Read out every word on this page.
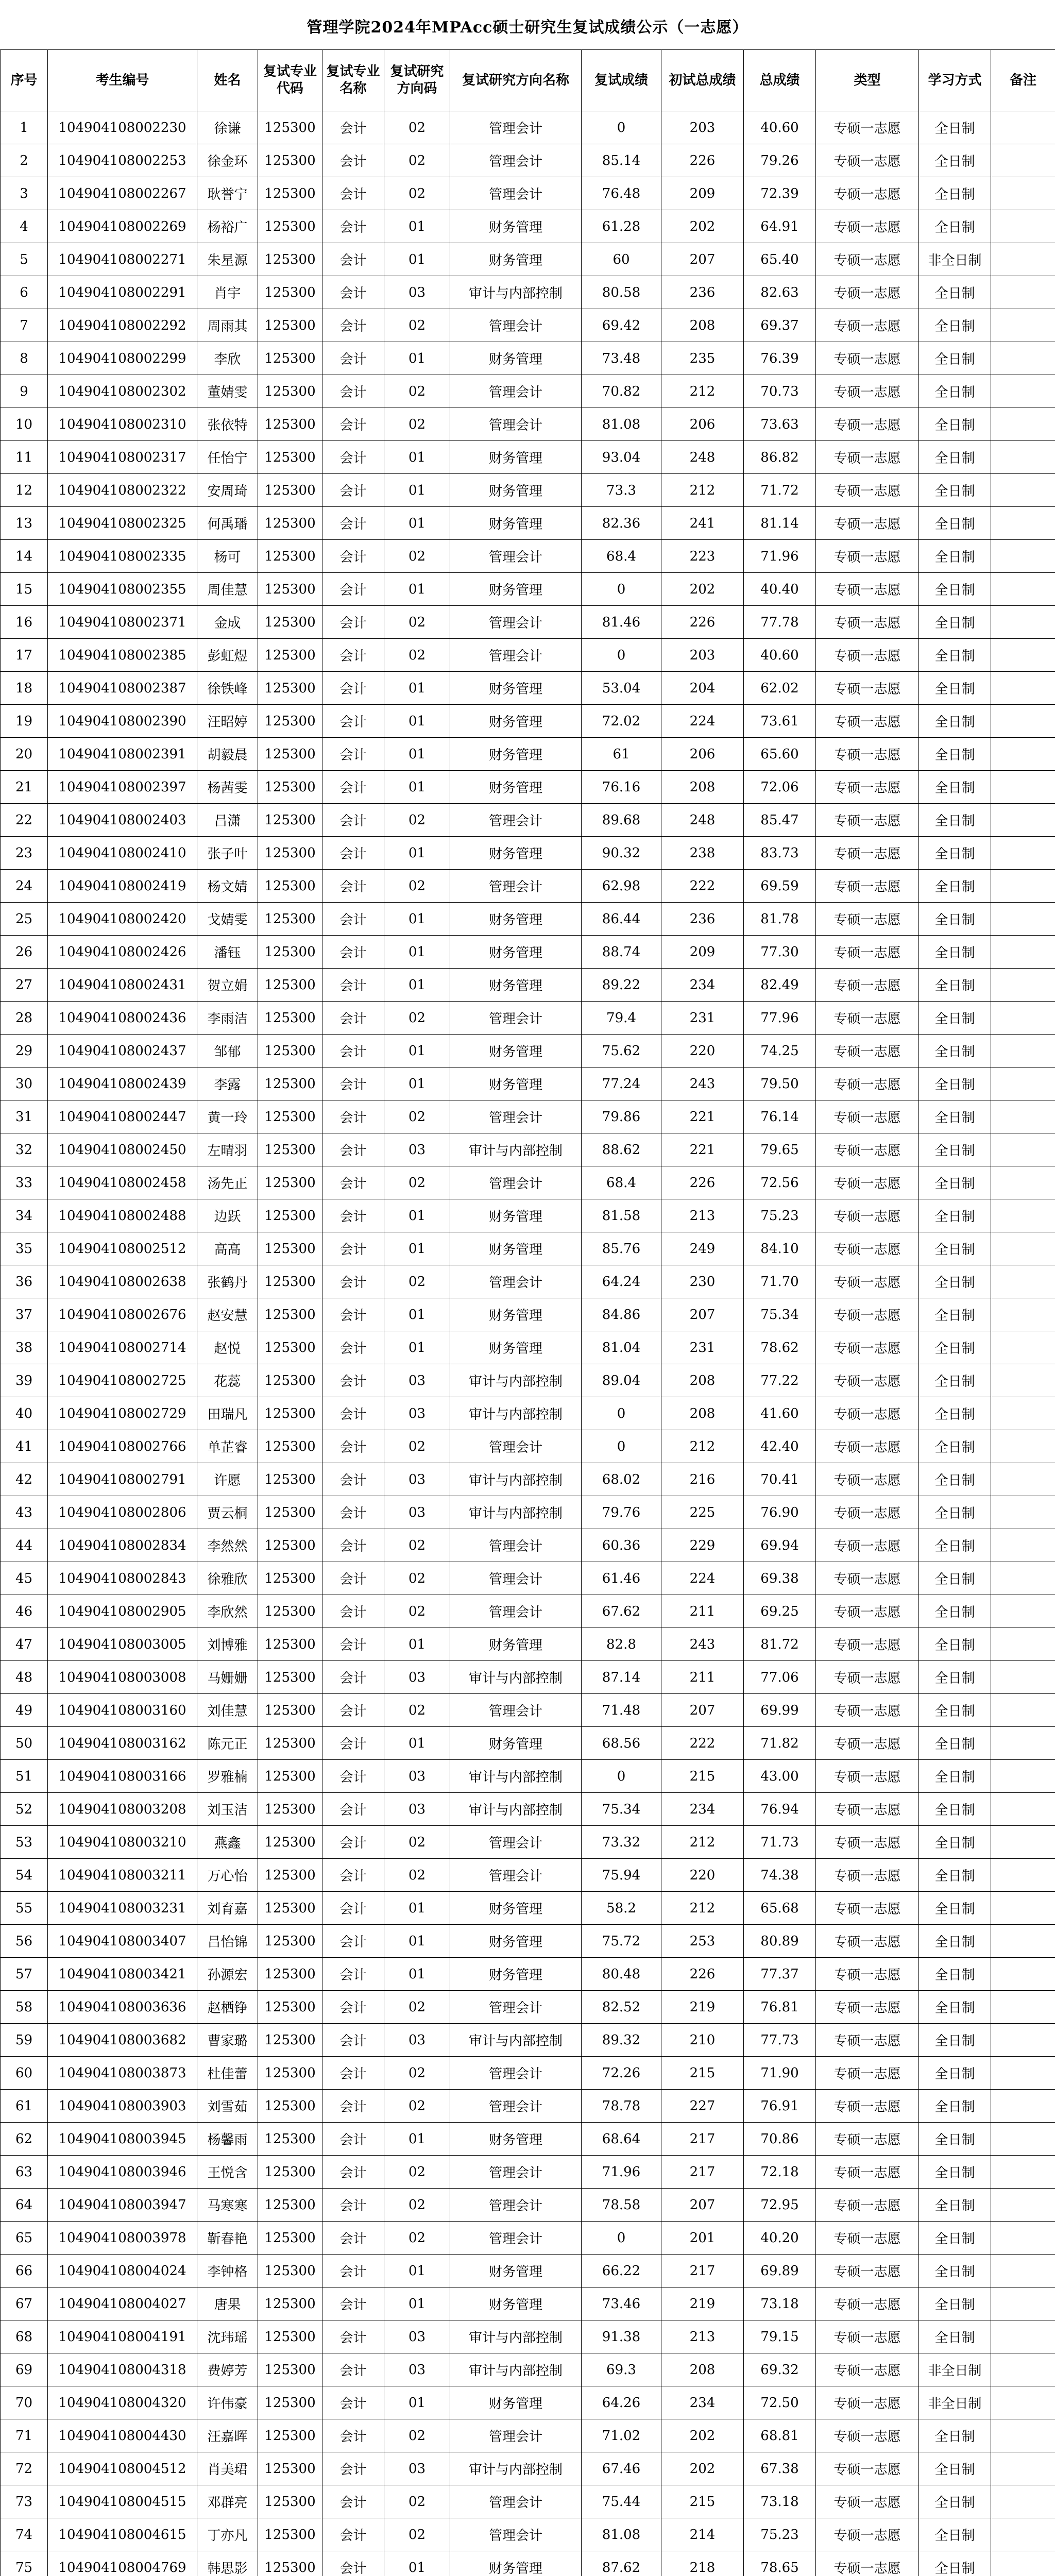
管理学院2024年MPAcc硕士研究生复试成绩公示（一志愿）
序号	考生编号	姓名	复试专业代码	复试专业名称	复试研究方向码	复试研究方向名称	复试成绩	初试总成绩	总成绩	类型	学习方式	备注
1	104904108002230	徐谦	125300	会计	02	管理会计	0	203	40.60	专硕一志愿	全日制	
2	104904108002253	徐金环	125300	会计	02	管理会计	85.14	226	79.26	专硕一志愿	全日制	
3	104904108002267	耿誉宁	125300	会计	02	管理会计	76.48	209	72.39	专硕一志愿	全日制	
4	104904108002269	杨裕广	125300	会计	01	财务管理	61.28	202	64.91	专硕一志愿	全日制	
5	104904108002271	朱星源	125300	会计	01	财务管理	60	207	65.40	专硕一志愿	非全日制	
6	104904108002291	肖宇	125300	会计	03	审计与内部控制	80.58	236	82.63	专硕一志愿	全日制	
7	104904108002292	周雨其	125300	会计	02	管理会计	69.42	208	69.37	专硕一志愿	全日制	
8	104904108002299	李欣	125300	会计	01	财务管理	73.48	235	76.39	专硕一志愿	全日制	
9	104904108002302	董婧雯	125300	会计	02	管理会计	70.82	212	70.73	专硕一志愿	全日制	
10	104904108002310	张依特	125300	会计	02	管理会计	81.08	206	73.63	专硕一志愿	全日制	
11	104904108002317	任怡宁	125300	会计	01	财务管理	93.04	248	86.82	专硕一志愿	全日制	
12	104904108002322	安周琦	125300	会计	01	财务管理	73.3	212	71.72	专硕一志愿	全日制	
13	104904108002325	何禹璠	125300	会计	01	财务管理	82.36	241	81.14	专硕一志愿	全日制	
14	104904108002335	杨可	125300	会计	02	管理会计	68.4	223	71.96	专硕一志愿	全日制	
15	104904108002355	周佳慧	125300	会计	01	财务管理	0	202	40.40	专硕一志愿	全日制	
16	104904108002371	金成	125300	会计	02	管理会计	81.46	226	77.78	专硕一志愿	全日制	
17	104904108002385	彭虹煜	125300	会计	02	管理会计	0	203	40.60	专硕一志愿	全日制	
18	104904108002387	徐铁峰	125300	会计	01	财务管理	53.04	204	62.02	专硕一志愿	全日制	
19	104904108002390	汪昭婷	125300	会计	01	财务管理	72.02	224	73.61	专硕一志愿	全日制	
20	104904108002391	胡毅晨	125300	会计	01	财务管理	61	206	65.60	专硕一志愿	全日制	
21	104904108002397	杨茜雯	125300	会计	01	财务管理	76.16	208	72.06	专硕一志愿	全日制	
22	104904108002403	吕潇	125300	会计	02	管理会计	89.68	248	85.47	专硕一志愿	全日制	
23	104904108002410	张子叶	125300	会计	01	财务管理	90.32	238	83.73	专硕一志愿	全日制	
24	104904108002419	杨文婧	125300	会计	02	管理会计	62.98	222	69.59	专硕一志愿	全日制	
25	104904108002420	戈婧雯	125300	会计	01	财务管理	86.44	236	81.78	专硕一志愿	全日制	
26	104904108002426	潘钰	125300	会计	01	财务管理	88.74	209	77.30	专硕一志愿	全日制	
27	104904108002431	贺立娟	125300	会计	01	财务管理	89.22	234	82.49	专硕一志愿	全日制	
28	104904108002436	李雨洁	125300	会计	02	管理会计	79.4	231	77.96	专硕一志愿	全日制	
29	104904108002437	邹郁	125300	会计	01	财务管理	75.62	220	74.25	专硕一志愿	全日制	
30	104904108002439	李露	125300	会计	01	财务管理	77.24	243	79.50	专硕一志愿	全日制	
31	104904108002447	黄一玲	125300	会计	02	管理会计	79.86	221	76.14	专硕一志愿	全日制	
32	104904108002450	左晴羽	125300	会计	03	审计与内部控制	88.62	221	79.65	专硕一志愿	全日制	
33	104904108002458	汤先正	125300	会计	02	管理会计	68.4	226	72.56	专硕一志愿	全日制	
34	104904108002488	边跃	125300	会计	01	财务管理	81.58	213	75.23	专硕一志愿	全日制	
35	104904108002512	高高	125300	会计	01	财务管理	85.76	249	84.10	专硕一志愿	全日制	
36	104904108002638	张鹤丹	125300	会计	02	管理会计	64.24	230	71.70	专硕一志愿	全日制	
37	104904108002676	赵安慧	125300	会计	01	财务管理	84.86	207	75.34	专硕一志愿	全日制	
38	104904108002714	赵悦	125300	会计	01	财务管理	81.04	231	78.62	专硕一志愿	全日制	
39	104904108002725	花蕊	125300	会计	03	审计与内部控制	89.04	208	77.22	专硕一志愿	全日制	
40	104904108002729	田瑞凡	125300	会计	03	审计与内部控制	0	208	41.60	专硕一志愿	全日制	
41	104904108002766	单芷睿	125300	会计	02	管理会计	0	212	42.40	专硕一志愿	全日制	
42	104904108002791	许愿	125300	会计	03	审计与内部控制	68.02	216	70.41	专硕一志愿	全日制	
43	104904108002806	贾云桐	125300	会计	03	审计与内部控制	79.76	225	76.90	专硕一志愿	全日制	
44	104904108002834	李然然	125300	会计	02	管理会计	60.36	229	69.94	专硕一志愿	全日制	
45	104904108002843	徐雅欣	125300	会计	02	管理会计	61.46	224	69.38	专硕一志愿	全日制	
46	104904108002905	李欣然	125300	会计	02	管理会计	67.62	211	69.25	专硕一志愿	全日制	
47	104904108003005	刘博雅	125300	会计	01	财务管理	82.8	243	81.72	专硕一志愿	全日制	
48	104904108003008	马姗姗	125300	会计	03	审计与内部控制	87.14	211	77.06	专硕一志愿	全日制	
49	104904108003160	刘佳慧	125300	会计	02	管理会计	71.48	207	69.99	专硕一志愿	全日制	
50	104904108003162	陈元正	125300	会计	01	财务管理	68.56	222	71.82	专硕一志愿	全日制	
51	104904108003166	罗雅楠	125300	会计	03	审计与内部控制	0	215	43.00	专硕一志愿	全日制	
52	104904108003208	刘玉洁	125300	会计	03	审计与内部控制	75.34	234	76.94	专硕一志愿	全日制	
53	104904108003210	燕鑫	125300	会计	02	管理会计	73.32	212	71.73	专硕一志愿	全日制	
54	104904108003211	万心怡	125300	会计	02	管理会计	75.94	220	74.38	专硕一志愿	全日制	
55	104904108003231	刘育嘉	125300	会计	01	财务管理	58.2	212	65.68	专硕一志愿	全日制	
56	104904108003407	吕怡锦	125300	会计	01	财务管理	75.72	253	80.89	专硕一志愿	全日制	
57	104904108003421	孙源宏	125300	会计	01	财务管理	80.48	226	77.37	专硕一志愿	全日制	
58	104904108003636	赵栖铮	125300	会计	02	管理会计	82.52	219	76.81	专硕一志愿	全日制	
59	104904108003682	曹家璐	125300	会计	03	审计与内部控制	89.32	210	77.73	专硕一志愿	全日制	
60	104904108003873	杜佳蕾	125300	会计	02	管理会计	72.26	215	71.90	专硕一志愿	全日制	
61	104904108003903	刘雪茹	125300	会计	02	管理会计	78.78	227	76.91	专硕一志愿	全日制	
62	104904108003945	杨馨雨	125300	会计	01	财务管理	68.64	217	70.86	专硕一志愿	全日制	
63	104904108003946	王悦含	125300	会计	02	管理会计	71.96	217	72.18	专硕一志愿	全日制	
64	104904108003947	马寒寒	125300	会计	02	管理会计	78.58	207	72.95	专硕一志愿	全日制	
65	104904108003978	靳春艳	125300	会计	02	管理会计	0	201	40.20	专硕一志愿	全日制	
66	104904108004024	李钟格	125300	会计	01	财务管理	66.22	217	69.89	专硕一志愿	全日制	
67	104904108004027	唐果	125300	会计	01	财务管理	73.46	219	73.18	专硕一志愿	全日制	
68	104904108004191	沈玮瑶	125300	会计	03	审计与内部控制	91.38	213	79.15	专硕一志愿	全日制	
69	104904108004318	费婷芳	125300	会计	03	审计与内部控制	69.3	208	69.32	专硕一志愿	非全日制	
70	104904108004320	许伟豪	125300	会计	01	财务管理	64.26	234	72.50	专硕一志愿	非全日制	
71	104904108004430	汪嘉晖	125300	会计	02	管理会计	71.02	202	68.81	专硕一志愿	全日制	
72	104904108004512	肖美珺	125300	会计	03	审计与内部控制	67.46	202	67.38	专硕一志愿	全日制	
73	104904108004515	邓群亮	125300	会计	02	管理会计	75.44	215	73.18	专硕一志愿	全日制	
74	104904108004615	丁亦凡	125300	会计	02	管理会计	81.08	214	75.23	专硕一志愿	全日制	
75	104904108004769	韩思影	125300	会计	01	财务管理	87.62	218	78.65	专硕一志愿	全日制	
